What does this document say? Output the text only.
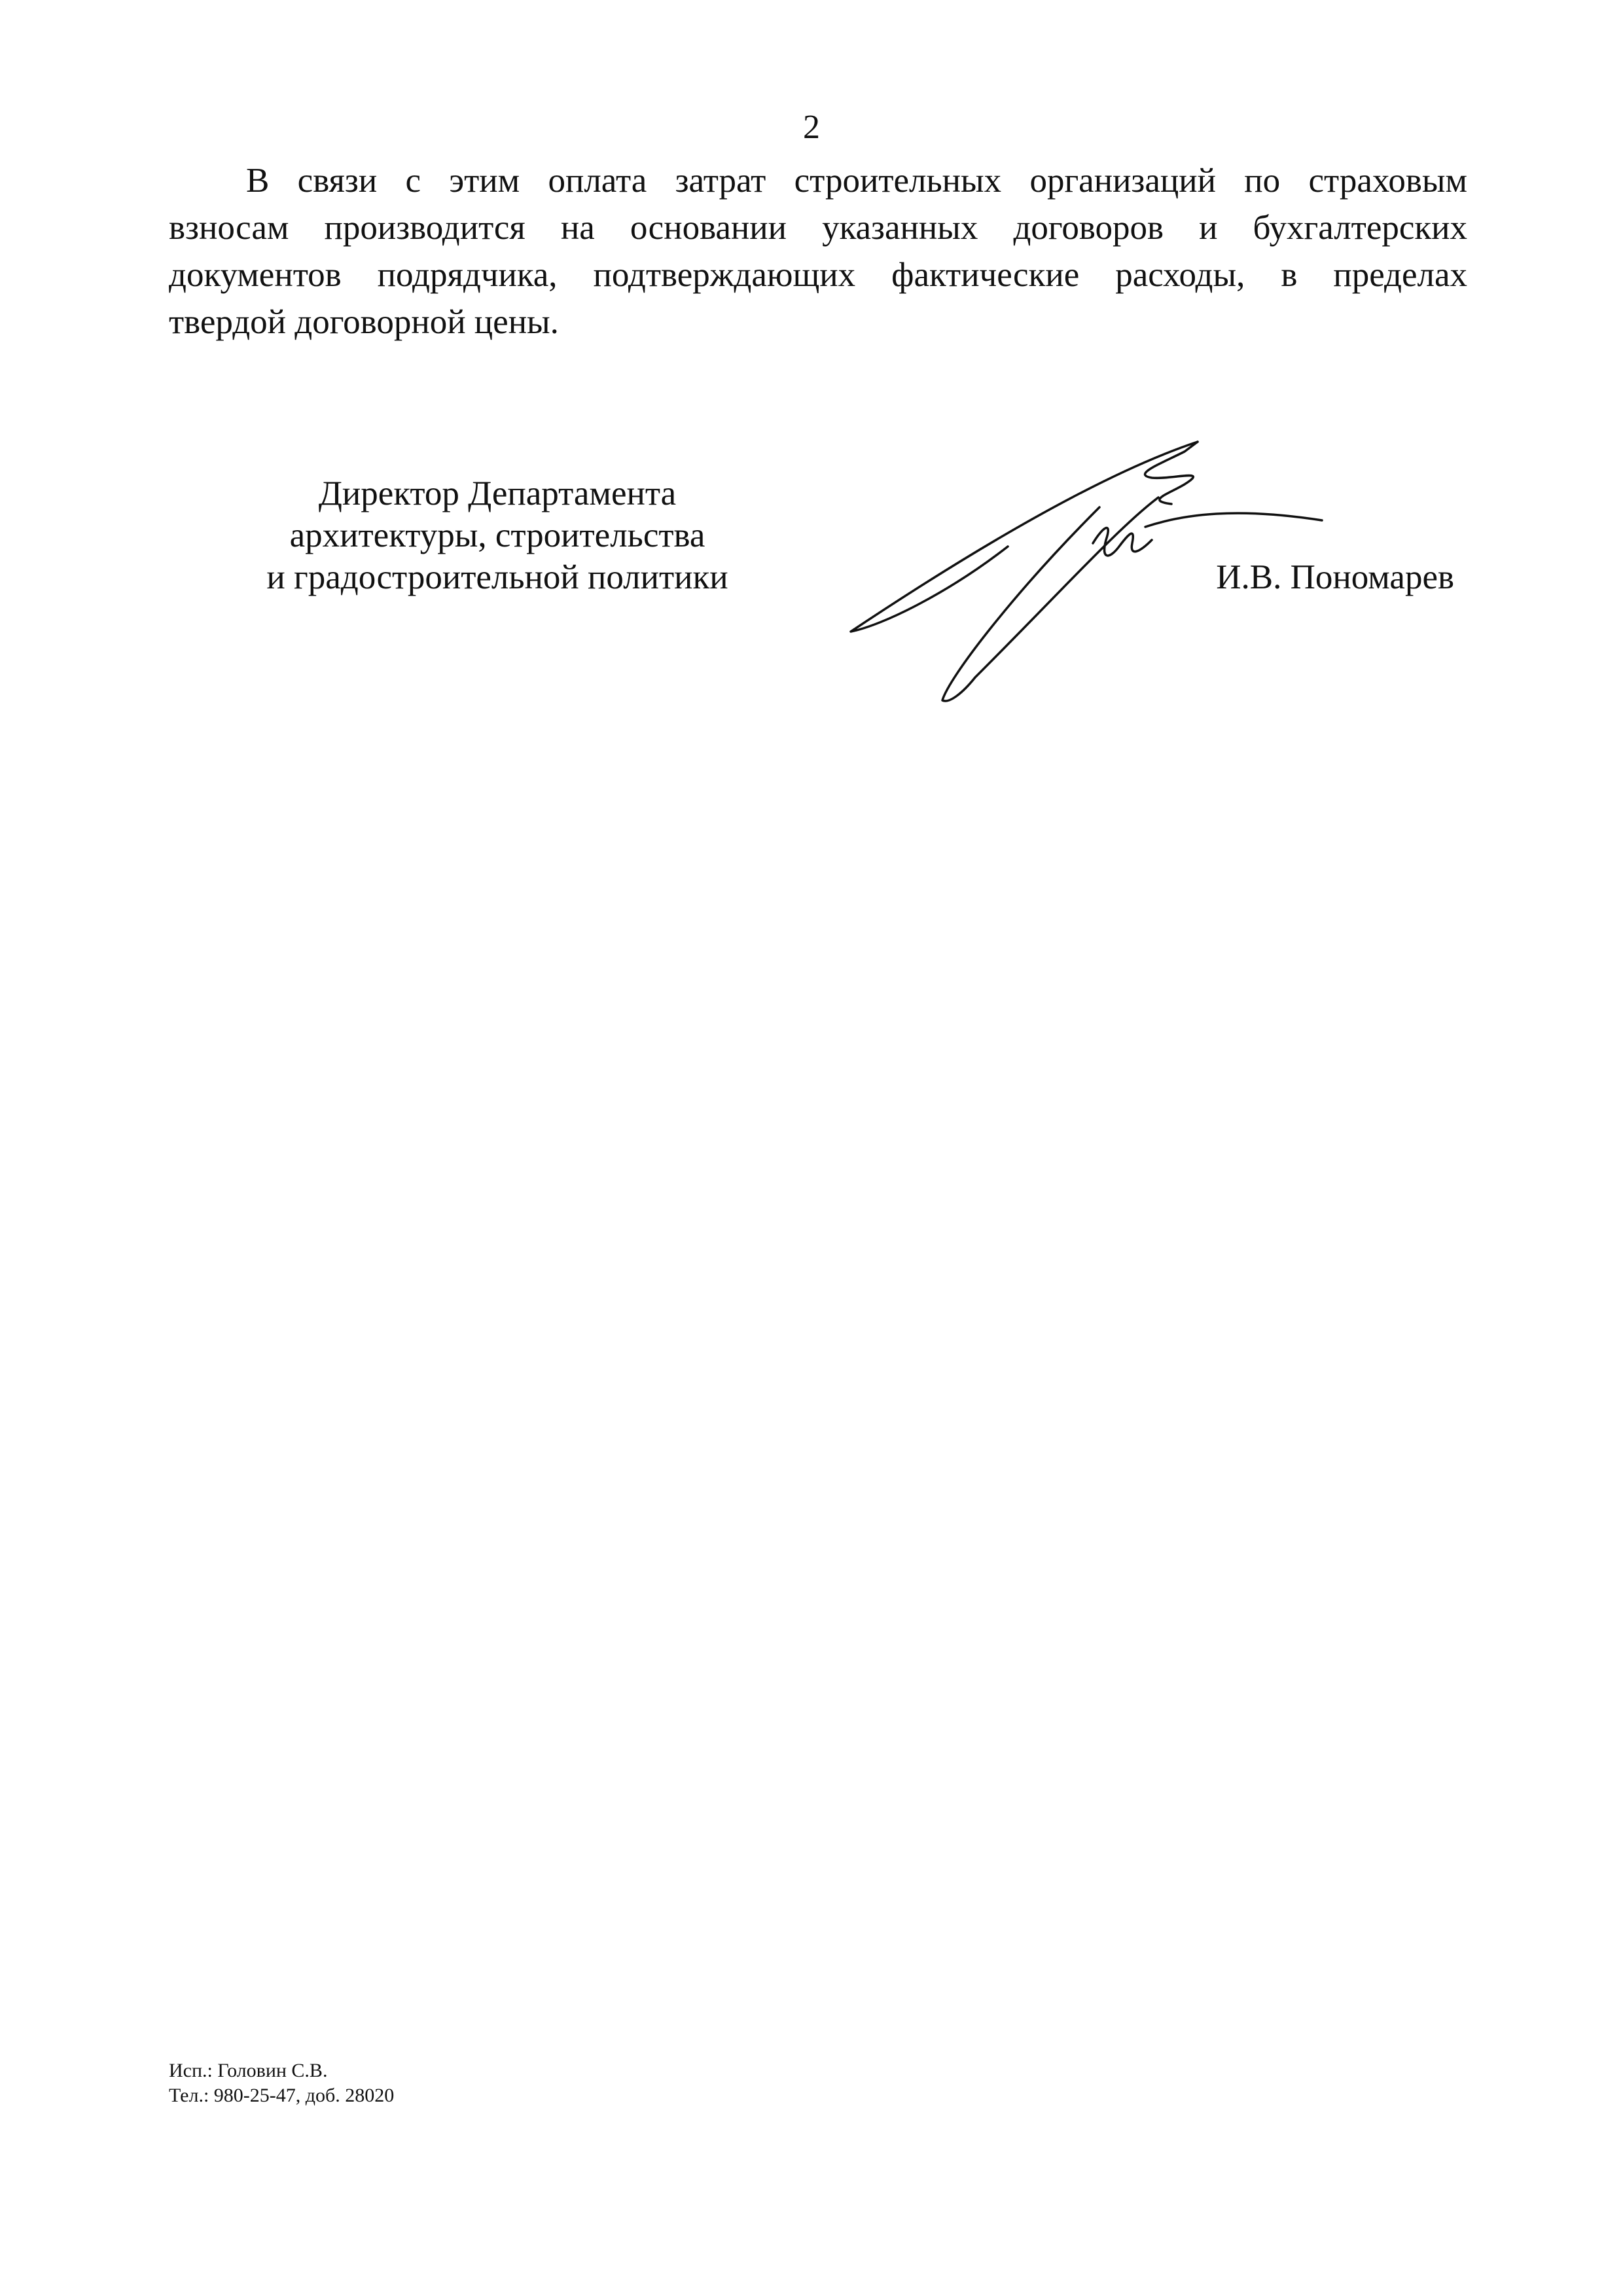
2
В связи с этим оплата затрат строительных организаций по страховым
взносам производится на основании указанных договоров и бухгалтерских
документов подрядчика, подтверждающих фактические расходы, в пределах
твердой договорной цены.
Директор Департамента
архитектуры, строительства
и градостроительной политики	И.В. Пономарев
Исп.: Головин С.В.
Тел.: 980-25-47, доб. 28020
